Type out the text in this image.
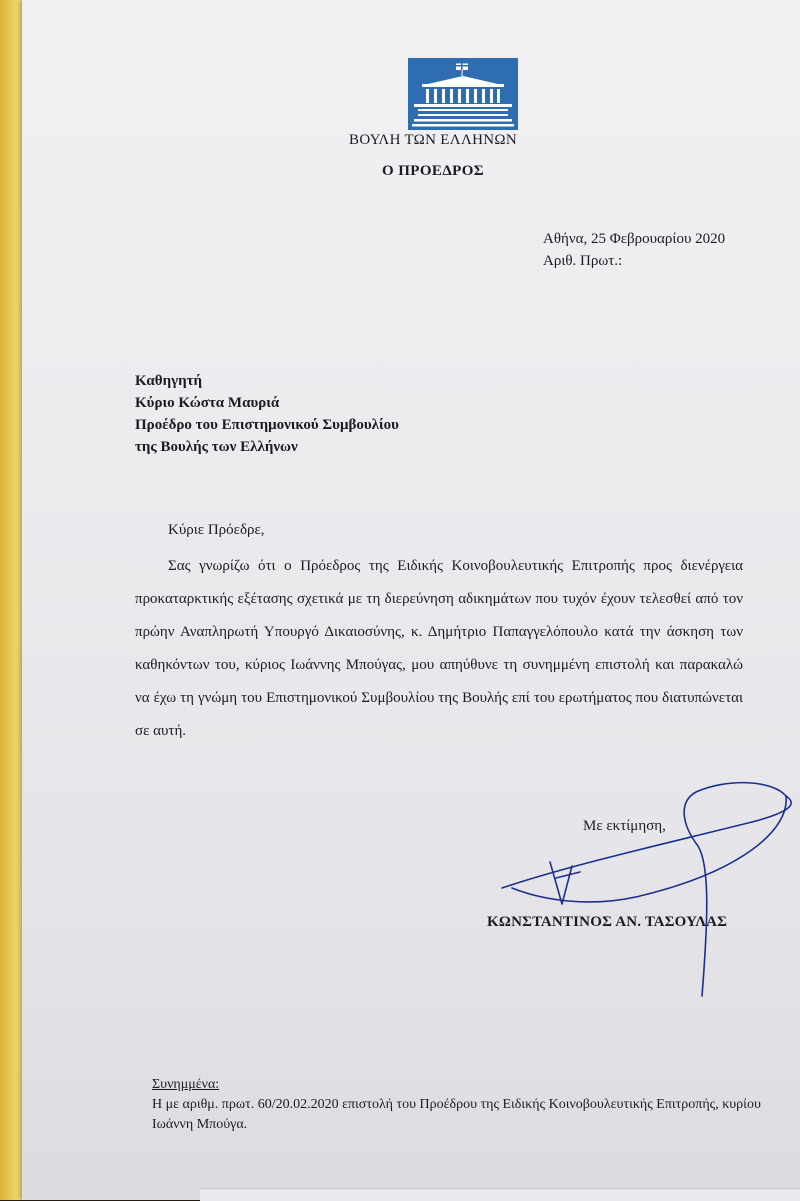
ΒΟΥΛΗ ΤΩΝ ΕΛΛΗΝΩΝ
Ο ΠΡΟΕΔΡΟΣ
Αθήνα, 25 Φεβρουαρίου 2020
Αριθ. Πρωτ.:
Καθηγητή
Κύριο Κώστα Μαυριά
Προέδρο του Επιστημονικού Συμβουλίου
της Βουλής των Ελλήνων
Κύριε Πρόεδρε,
Σας γνωρίζω ότι ο Πρόεδρος της Ειδικής Κοινοβουλευτικής Επιτροπής προς διενέργεια προκαταρκτικής εξέτασης σχετικά με τη διερεύνηση αδικημάτων που τυχόν έχουν τελεσθεί από τον πρώην Αναπληρωτή Υπουργό Δικαιοσύνης, κ. Δημήτριο Παπαγγελόπουλο κατά την άσκηση των καθηκόντων του, κύριος Ιωάννης Μπούγας, μου απηύθυνε τη συνημμένη επιστολή και παρακαλώ να έχω τη γνώμη του Επιστημονικού Συμβουλίου της Βουλής επί του ερωτήματος που διατυπώνεται σε αυτή.
Με εκτίμηση,
ΚΩΝΣΤΑΝΤΙΝΟΣ ΑΝ. ΤΑΣΟΥΛΑΣ
Συνημμένα:
Η με αριθμ. πρωτ. 60/20.02.2020 επιστολή του Προέδρου της Ειδικής Κοινοβουλευτικής Επιτροπής, κυρίου Ιωάννη Μπούγα.
